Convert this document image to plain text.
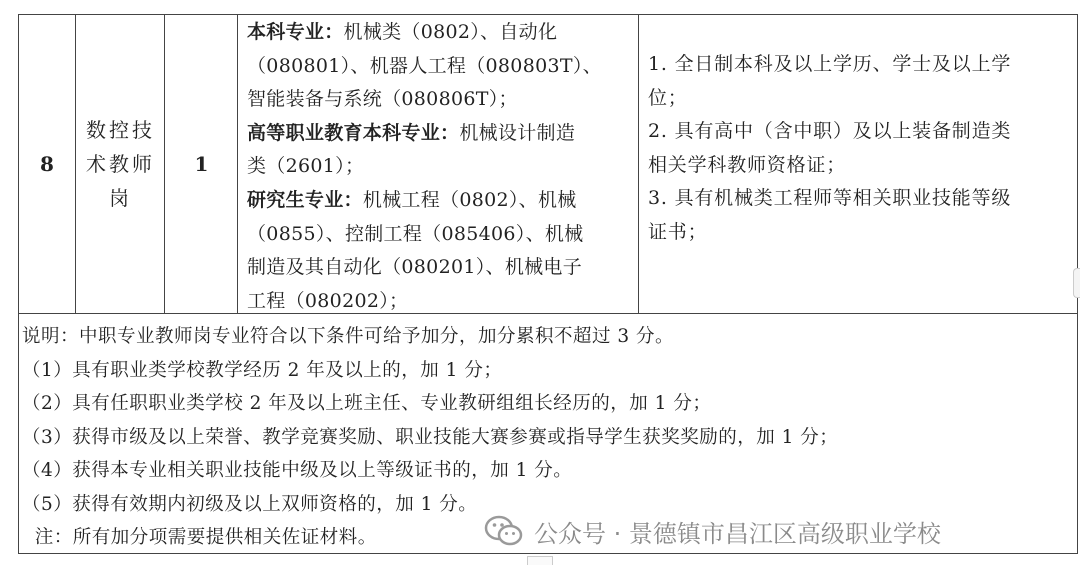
8
数控技
术教师
岗
1
本科专业：机械类（0802）、自动化
（080801）、机器人工程（080803T）、
智能装备与系统（080806T）；
高等职业教育本科专业：机械设计制造
类（2601）；
研究生专业：机械工程（0802）、机械
（0855）、控制工程（085406）、机械
制造及其自动化（080201）、机械电子
工程（080202）；
1. 全日制本科及以上学历、学士及以上学
位；
2. 具有高中（含中职）及以上装备制造类
相关学科教师资格证；
3. 具有机械类工程师等相关职业技能等级
证书；
说明：中职专业教师岗专业符合以下条件可给予加分，加分累积不超过 3 分。
（1）具有职业类学校教学经历 2 年及以上的，加 1 分；
（2）具有任职职业类学校 2 年及以上班主任、专业教研组组长经历的，加 1 分；
（3）获得市级及以上荣誉、教学竞赛奖励、职业技能大赛参赛或指导学生获奖奖励的，加 1 分；
（4）获得本专业相关职业技能中级及以上等级证书的，加 1 分。
（5）获得有效期内初级及以上双师资格的，加 1 分。
注：所有加分项需要提供相关佐证材料。	公众号 · 景德镇市昌江区高级职业学校
